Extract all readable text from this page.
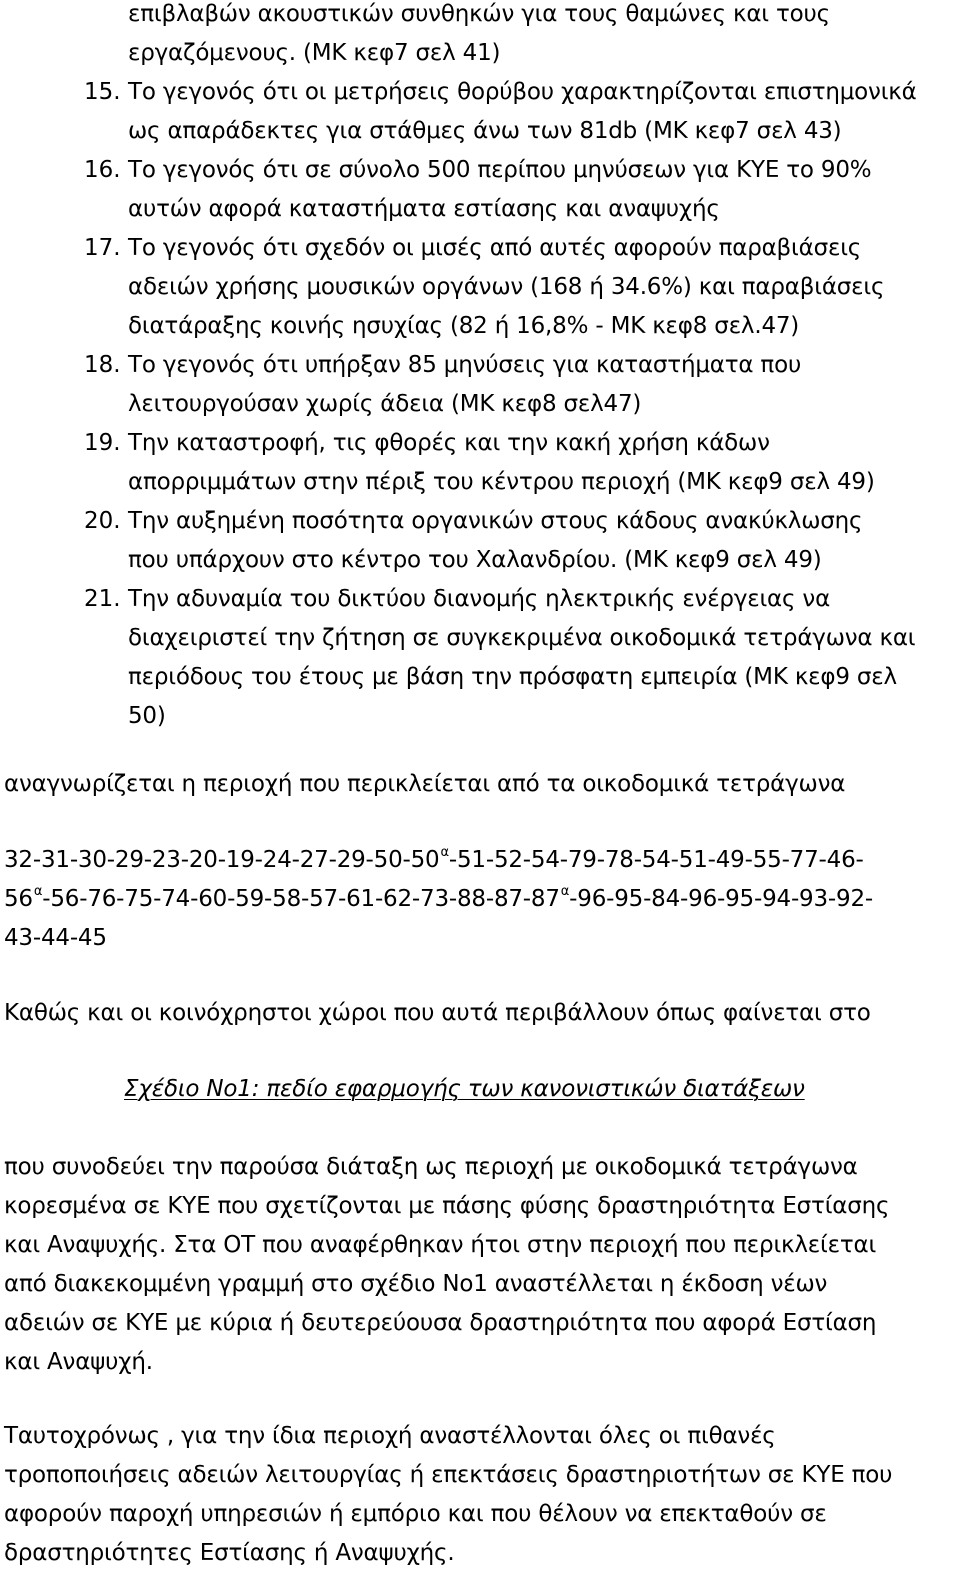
επιβλαβών ακουστικών συνθηκών για τους θαμώνες και τους
εργαζόμενους. (ΜΚ κεφ7 σελ 41)
15. Το γεγονός ότι οι μετρήσεις θορύβου χαρακτηρίζονται επιστημονικά
ως απαράδεκτες για στάθμες άνω των 81db (ΜΚ κεφ7 σελ 43)
16. Το γεγονός ότι σε σύνολο 500 περίπου μηνύσεων για ΚΥΕ το 90%
αυτών αφορά καταστήματα εστίασης και αναψυχής
17. Το γεγονός ότι σχεδόν οι μισές από αυτές αφορούν παραβιάσεις
αδειών χρήσης μουσικών οργάνων (168 ή 34.6%) και παραβιάσεις
διατάραξης κοινής ησυχίας (82 ή 16,8% - ΜΚ κεφ8 σελ.47)
18. Το γεγονός ότι υπήρξαν 85 μηνύσεις για καταστήματα που
λειτουργούσαν χωρίς άδεια (ΜΚ κεφ8 σελ47)
19. Την καταστροφή, τις φθορές και την κακή χρήση κάδων
απορριμμάτων στην πέριξ του κέντρου περιοχή (ΜΚ κεφ9 σελ 49)
20. Την αυξημένη ποσότητα οργανικών στους κάδους ανακύκλωσης
που υπάρχουν στο κέντρο του Χαλανδρίου. (ΜΚ κεφ9 σελ 49)
21. Την αδυναμία του δικτύου διανομής ηλεκτρικής ενέργειας να
διαχειριστεί την ζήτηση σε συγκεκριμένα οικοδομικά τετράγωνα και
περιόδους του έτους με βάση την πρόσφατη εμπειρία (ΜΚ κεφ9 σελ
50)
αναγνωρίζεται η περιοχή που περικλείεται από τα οικοδομικά τετράγωνα
$32-31-30-29-23-20-19-24-27-29-50-50^\alpha-51-52-54-79-78-54-51-49-55-77-46-$
$56^\alpha-56-76-75-74-60-59-58-57-61-62-73-88-87-87^\alpha-96-95-84-96-95-94-93-92-$
43-44-45
Καθώς και οι κοινόχρηστοι χώροι που αυτά περιβάλλουν όπως φαίνεται στο
Σχέδιο Νο1: πεδίο εφαρμογής των κανονιστικών διατάξεων
που συνοδεύει την παρούσα διάταξη ως περιοχή με οικοδομικά τετράγωνα
κορεσμένα σε ΚΥΕ που σχετίζονται με πάσης φύσης δραστηριότητα Εστίασης
και Αναψυχής. Στα ΟΤ που αναφέρθηκαν ήτοι στην περιοχή που περικλείεται
από διακεκομμένη γραμμή στο σχέδιο Νο1 αναστέλλεται η έκδοση νέων
αδειών σε ΚΥΕ με κύρια ή δευτερεύουσα δραστηριότητα που αφορά Εστίαση
και Αναψυχή.
Ταυτοχρόνως , για την ίδια περιοχή αναστέλλονται όλες οι πιθανές
τροποποιήσεις αδειών λειτουργίας ή επεκτάσεις δραστηριοτήτων σε ΚΥΕ που
αφορούν παροχή υπηρεσιών ή εμπόριο και που θέλουν να επεκταθούν σε
δραστηριότητες Εστίασης ή Αναψυχής.
